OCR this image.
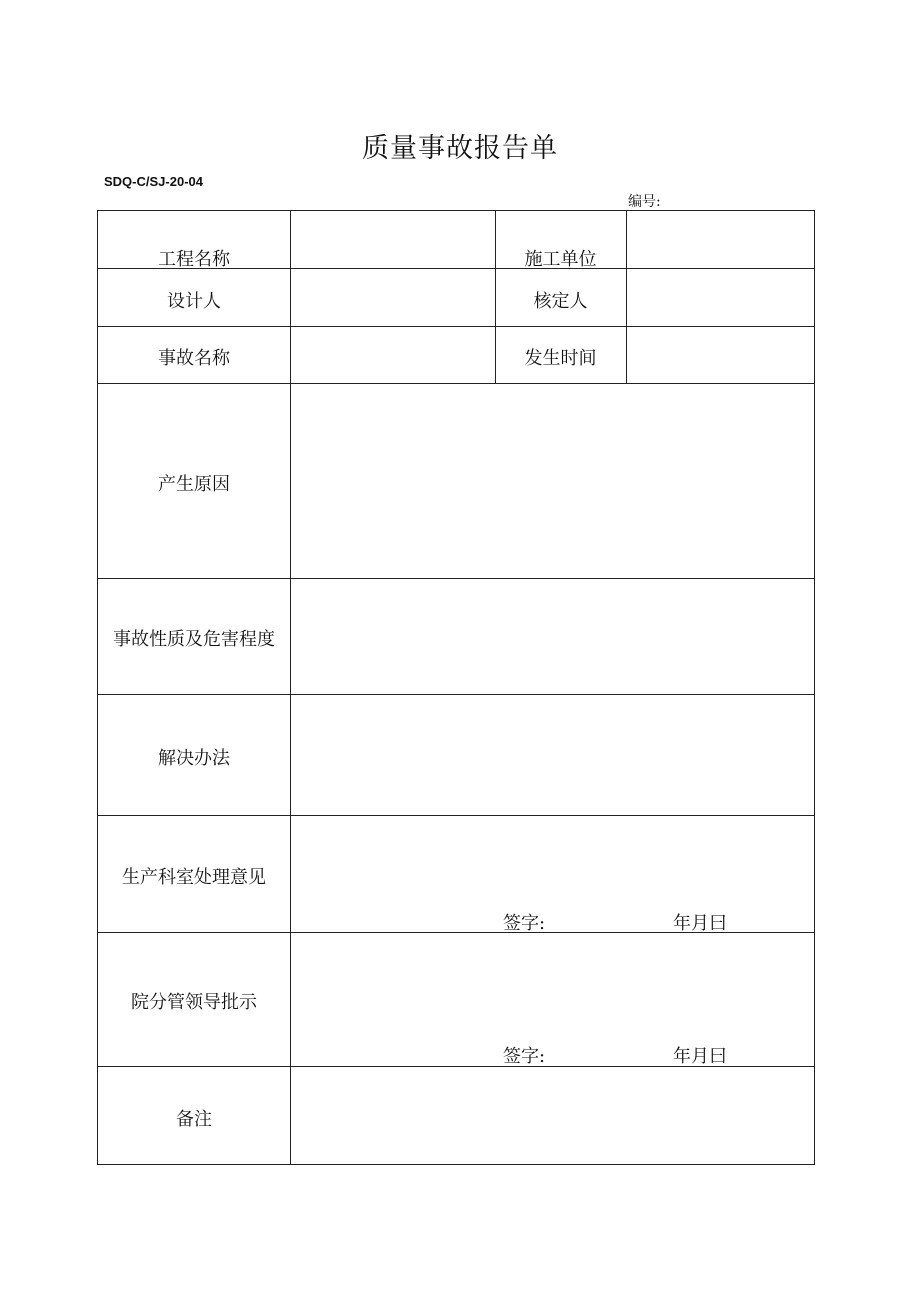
质量事故报告单
SDQ-C/SJ-20-04
编号:
工程名称	施工单位
设计人	核定人
事故名称	发生时间
产生原因
事故性质及危害程度
解决办法
生产科室处理意见
签字:	年月曰
院分管领导批示
签字:	年月曰
备注
